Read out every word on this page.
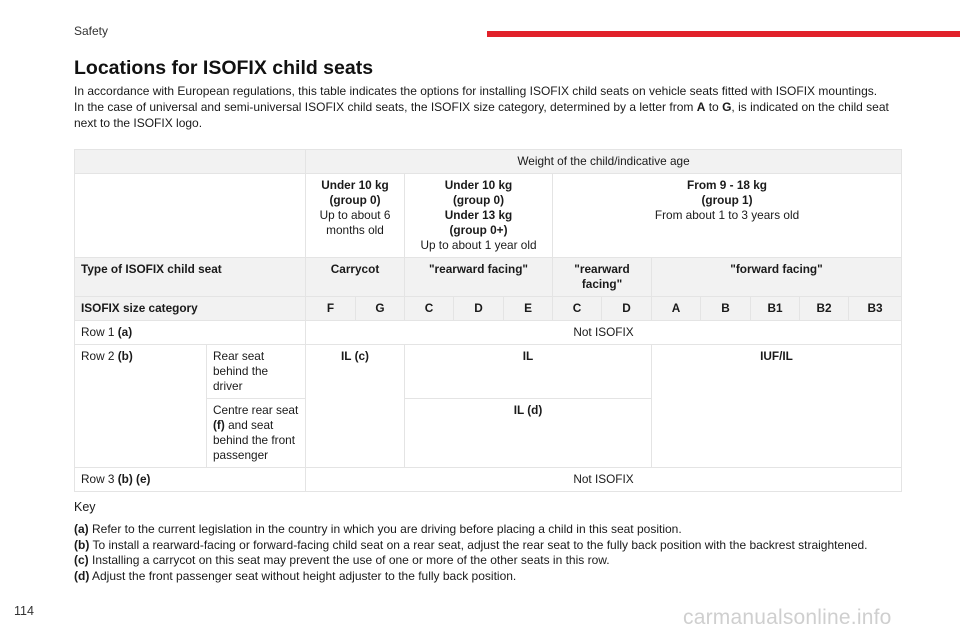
Safety
Locations for ISOFIX child seats

In accordance with European regulations, this table indicates the options for installing ISOFIX child seats on vehicle seats fitted with ISOFIX mountings.

In the case of universal and semi-universal ISOFIX child seats, the ISOFIX size category, determined by a letter from A to G, is indicated on the child seat next to the ISOFIX logo.

		Weight of the child/indicative age											

		Under 10 kg
(group 0)
Up to about 6 months old		Under 10 kg
(group 0)
Under 13 kg
(group 0+)
Up to about 1 year old			From 9 - 18 kg
(group 1)
From about 1 to 3 years old						

Type of ISOFIX child seat		Carrycot		"rearward facing"			"rearward facing"		"forward facing"				
ISOFIX size category		F	G	C	D	E	C	D	A	B	B1	B2	B3
Row 1 (a)		Not ISOFIX											
Row 2 (b)	Rear seat behind the driver	IL (c)		IL					IUF/IL				
	Centre rear seat (f) and seat behind the front passenger			IL (d)									
Row 3 (b) (e)		Not ISOFIX											
Key
(a) Refer to the current legislation in the country in which you are driving before placing a child in this seat position.
(b) To install a rearward-facing or forward-facing child seat on a rear seat, adjust the rear seat to the fully back position with the backrest straightened.
(c) Installing a carrycot on this seat may prevent the use of one or more of the other seats in this row.
(d) Adjust the front passenger seat without height adjuster to the fully back position.
114	carmanualsonline.info
